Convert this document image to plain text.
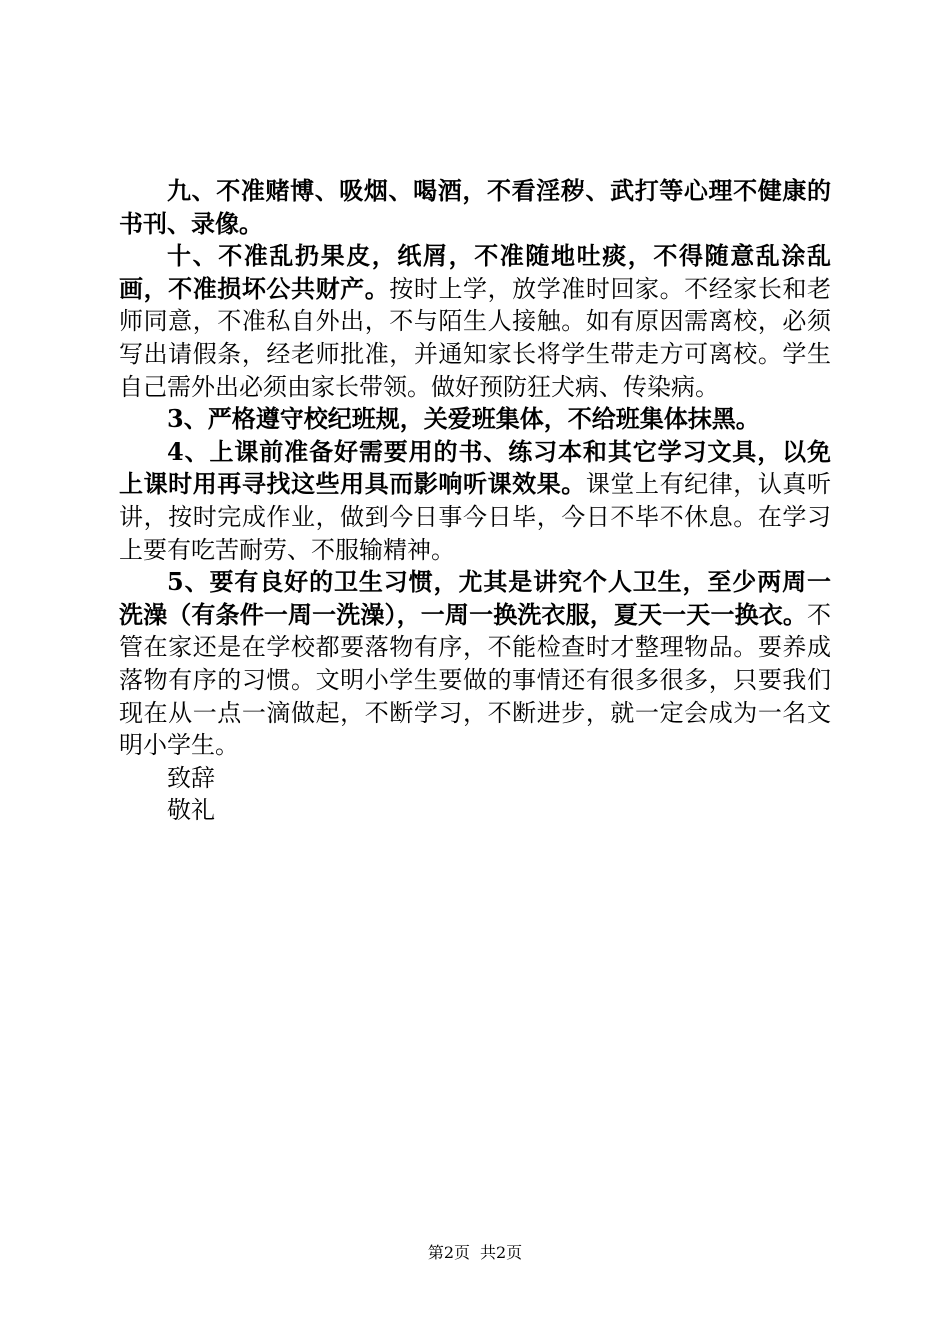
九、不准赌博、吸烟、喝酒，不看淫秽、武打等心理不健康的书刊、录像。

十、不准乱扔果皮，纸屑，不准随地吐痰，不得随意乱涂乱画，不准损坏公共财产。按时上学，放学准时回家。不经家长和老师同意，不准私自外出，不与陌生人接触。如有原因需离校，必须写出请假条，经老师批准，并通知家长将学生带走方可离校。学生自己需外出必须由家长带领。做好预防狂犬病、传染病。

3、严格遵守校纪班规，关爱班集体，不给班集体抹黑。

4、上课前准备好需要用的书、练习本和其它学习文具，以免上课时用再寻找这些用具而影响听课效果。课堂上有纪律，认真听讲，按时完成作业，做到今日事今日毕，今日不毕不休息。在学习上要有吃苦耐劳、不服输精神。

5、要有良好的卫生习惯，尤其是讲究个人卫生，至少两周一洗澡（有条件一周一洗澡），一周一换洗衣服，夏天一天一换衣。不管在家还是在学校都要落物有序，不能检查时才整理物品。要养成落物有序的习惯。文明小学生要做的事情还有很多很多，只要我们现在从一点一滴做起，不断学习，不断进步，就一定会成为一名文明小学生。

致辞

敬礼

第2页 共2页
